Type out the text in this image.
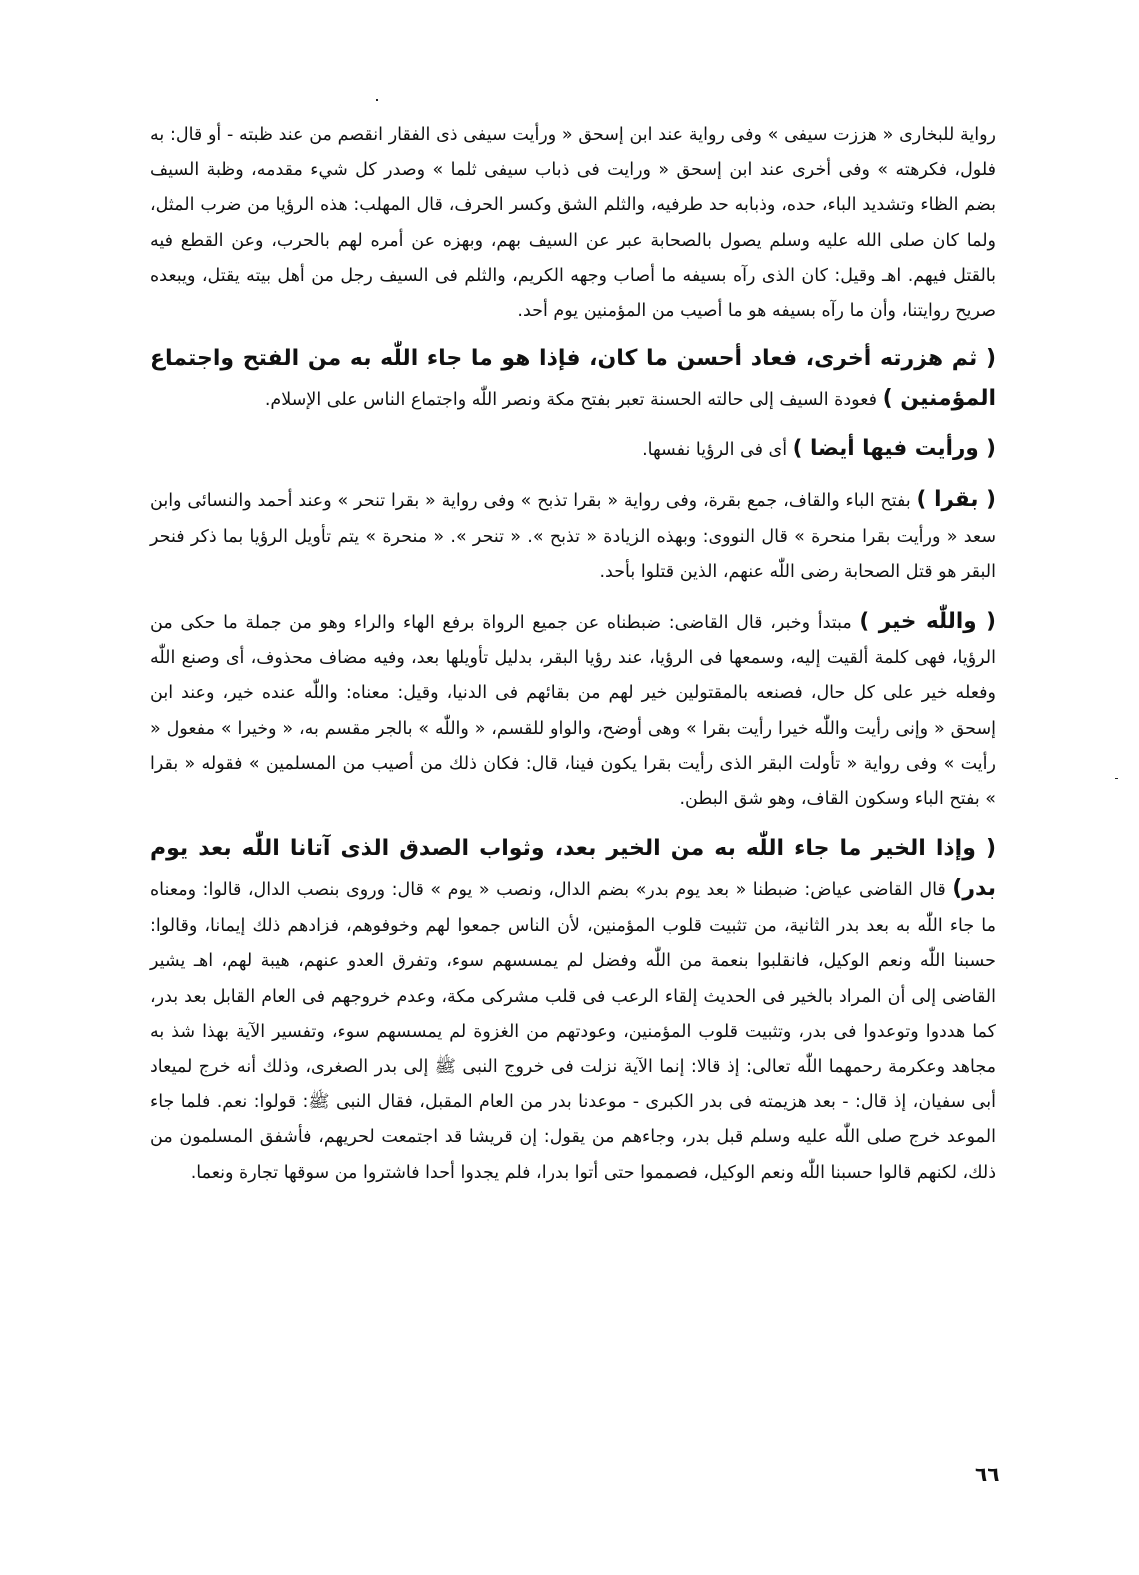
رواية للبخارى « هززت سيفى » وفى رواية عند ابن إسحق « ورأيت سيفى ذى الفقار انقصم من عند ظبته - أو قال: به فلول، فكرهته » وفى أخرى عند ابن إسحق « ورايت فى ذباب سيفى ثلما » وصدر كل شيء مقدمه، وظبة السيف بضم الظاء وتشديد الباء، حده، وذبابه حد طرفيه، والثلم الشق وكسر الحرف، قال المهلب: هذه الرؤيا من ضرب المثل، ولما كان صلى الله عليه وسلم يصول بالصحابة عبر عن السيف بهم، وبهزه عن أمره لهم بالحرب، وعن القطع فيه بالقتل فيهم. اهـ وقيل: كان الذى رآه بسيفه ما أصاب وجهه الكريم، والثلم فى السيف رجل من أهل بيته يقتل، ويبعده صريح روايتنا، وأن ما رآه بسيفه هو ما أصيب من المؤمنين يوم أحد.

( ثم هزرته أخرى، فعاد أحسن ما كان، فإذا هو ما جاء اللّٰه به من الفتح واجتماع المؤمنين ) فعودة السيف إلى حالته الحسنة تعبر بفتح مكة ونصر اللّٰه واجتماع الناس على الإسلام.

( ورأيت فيها أيضا ) أى فى الرؤيا نفسها.

( بقرا ) بفتح الباء والقاف، جمع بقرة، وفى رواية « بقرا تذبح » وفى رواية « بقرا تنحر » وعند أحمد والنسائى وابن سعد « ورأيت بقرا منحرة » قال النووى: وبهذه الزيادة « تذبح ». « تنحر ». « منحرة » يتم تأويل الرؤيا بما ذكر فنحر البقر هو قتل الصحابة رضى اللّٰه عنهم، الذين قتلوا بأحد.

( واللّٰه خير ) مبتدأ وخبر، قال القاضى: ضبطناه عن جميع الرواة برفع الهاء والراء وهو من جملة ما حكى من الرؤيا، فهى كلمة ألقيت إليه، وسمعها فى الرؤيا، عند رؤيا البقر، بدليل تأويلها بعد، وفيه مضاف محذوف، أى وصنع اللّٰه وفعله خير على كل حال، فصنعه بالمقتولين خير لهم من بقائهم فى الدنيا، وقيل: معناه: واللّٰه عنده خير، وعند ابن إسحق « وإنى رأيت واللّٰه خيرا رأيت بقرا » وهى أوضح، والواو للقسم، « واللّٰه » بالجر مقسم به، « وخيرا » مفعول « رأيت » وفى رواية « تأولت البقر الذى رأيت بقرا يكون فينا، قال: فكان ذلك من أصيب من المسلمين » فقوله « بقرا » بفتح الباء وسكون القاف، وهو شق البطن.

( وإذا الخير ما جاء اللّٰه به من الخير بعد، وثواب الصدق الذى آتانا اللّٰه بعد يوم بدر) قال القاضى عياض: ضبطنا « بعد يوم بدر» بضم الدال، ونصب « يوم » قال: وروى بنصب الدال، قالوا: ومعناه ما جاء اللّٰه به بعد بدر الثانية، من تثبيت قلوب المؤمنين، لأن الناس جمعوا لهم وخوفوهم، فزادهم ذلك إيمانا، وقالوا: حسبنا اللّٰه ونعم الوكيل، فانقلبوا بنعمة من اللّٰه وفضل لم يمسسهم سوء، وتفرق العدو عنهم، هيبة لهم، اهـ يشير القاضى إلى أن المراد بالخير فى الحديث إلقاء الرعب فى قلب مشركى مكة، وعدم خروجهم فى العام القابل بعد بدر، كما هددوا وتوعدوا فى بدر، وتثبيت قلوب المؤمنين، وعودتهم من الغزوة لم يمسسهم سوء، وتفسير الآية بهذا شذ به مجاهد وعكرمة رحمهما اللّٰه تعالى: إذ قالا: إنما الآية نزلت فى خروج النبى ﷺ إلى بدر الصغرى، وذلك أنه خرج لميعاد أبى سفيان، إذ قال: - بعد هزيمته فى بدر الكبرى - موعدنا بدر من العام المقبل، فقال النبى ﷺ: قولوا: نعم. فلما جاء الموعد خرج صلى اللّٰه عليه وسلم قبل بدر، وجاءهم من يقول: إن قريشا قد اجتمعت لحريهم، فأشفق المسلمون من ذلك، لكنهم قالوا حسبنا اللّٰه ونعم الوكيل، فصمموا حتى أتوا بدرا، فلم يجدوا أحدا فاشتروا من سوقها تجارة ونعما.

٦٦
